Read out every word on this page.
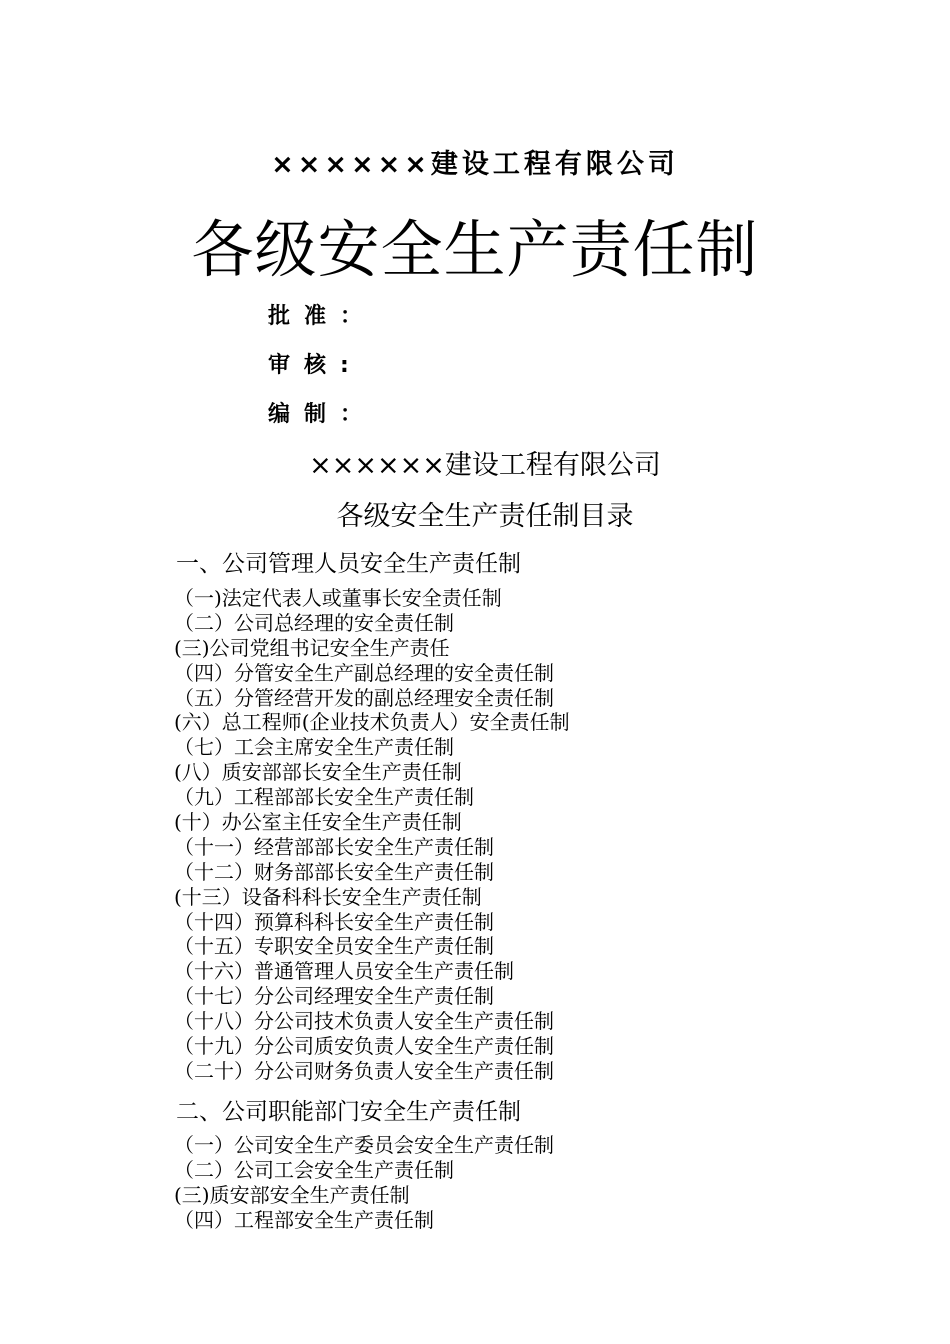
××××××建设工程有限公司
各级安全生产责任制
批准：
审核:
编制：
××××××建设工程有限公司
各级安全生产责任制目录
一、公司管理人员安全生产责任制
（一)法定代表人或董事长安全责任制
（二）公司总经理的安全责任制
(三)公司党组书记安全生产责任
（四）分管安全生产副总经理的安全责任制
（五）分管经营开发的副总经理安全责任制
(六）总工程师(企业技术负责人）安全责任制
（七）工会主席安全生产责任制
(八）质安部部长安全生产责任制
（九）工程部部长安全生产责任制
(十）办公室主任安全生产责任制
（十一）经营部部长安全生产责任制
（十二）财务部部长安全生产责任制
(十三）设备科科长安全生产责任制
（十四）预算科科长安全生产责任制
（十五）专职安全员安全生产责任制
（十六）普通管理人员安全生产责任制
（十七）分公司经理安全生产责任制
（十八）分公司技术负责人安全生产责任制
（十九）分公司质安负责人安全生产责任制
（二十）分公司财务负责人安全生产责任制
二、公司职能部门安全生产责任制
（一）公司安全生产委员会安全生产责任制
（二）公司工会安全生产责任制
(三)质安部安全生产责任制
（四）工程部安全生产责任制
